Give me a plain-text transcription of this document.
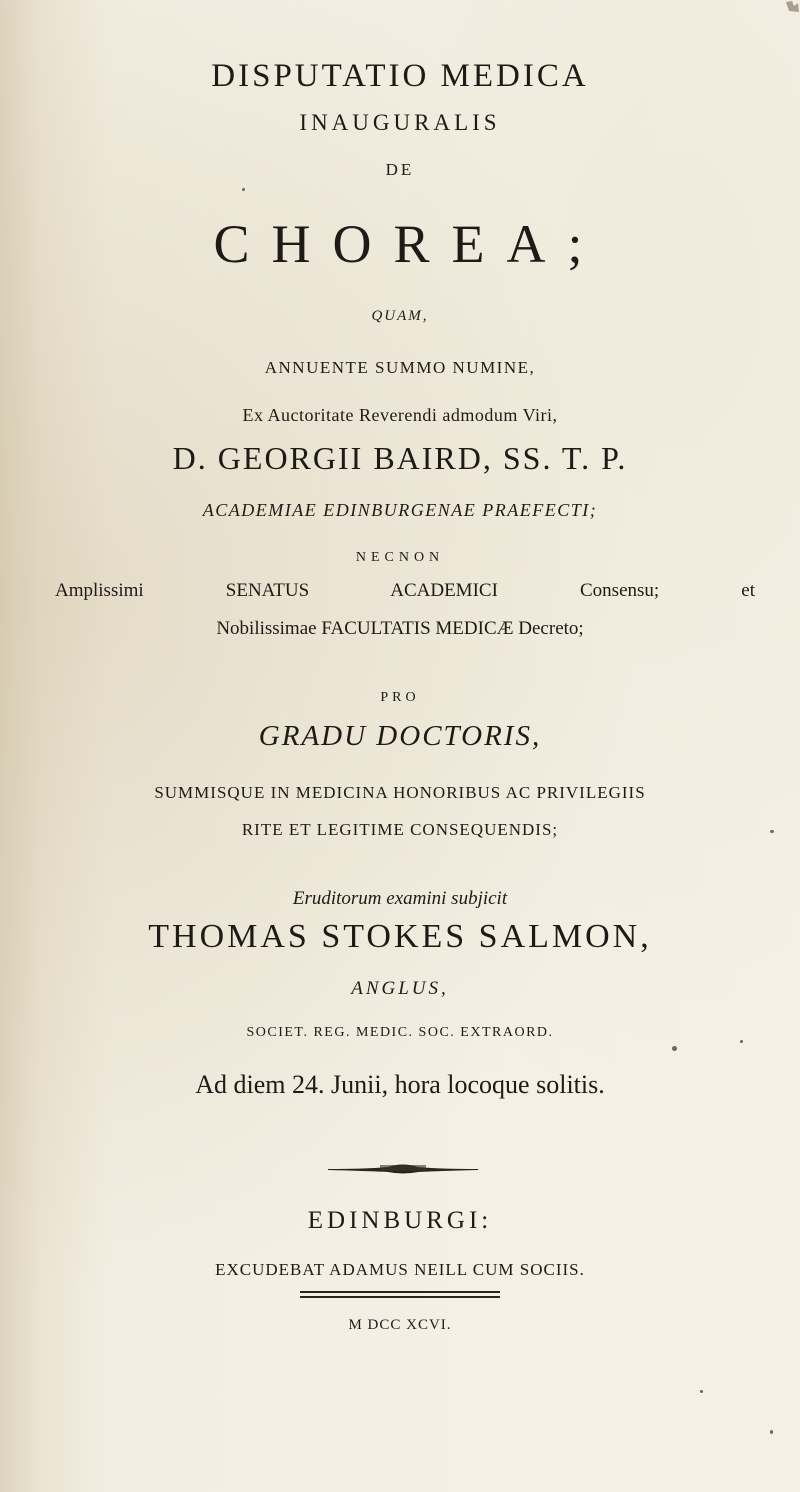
DISPUTATIO MEDICA
INAUGURALIS
DE
CHOREA;
QUAM,
ANNUENTE SUMMO NUMINE,
Ex Auctoritate Reverendi admodum Viri,
D. GEORGII BAIRD, SS. T. P.
ACADEMIAE EDINBURGENAE PRAEFECTI;
NECNON
Amplissimi SENATUS ACADEMICI Consensu; et
Nobilissimae FACULTATIS MEDICÆ Decreto;
PRO
GRADU DOCTORIS,
SUMMISQUE IN MEDICINA HONORIBUS AC PRIVILEGIIS
RITE ET LEGITIME CONSEQUENDIS;
Eruditorum examini subjicit
THOMAS STOKES SALMON,
ANGLUS,
SOCIET. REG. MEDIC. SOC. EXTRAORD.
Ad diem 24. Junii, hora locoque solitis.
EDINBURGI:
EXCUDEBAT ADAMUS NEILL CUM SOCIIS.
M DCC XCVI.
